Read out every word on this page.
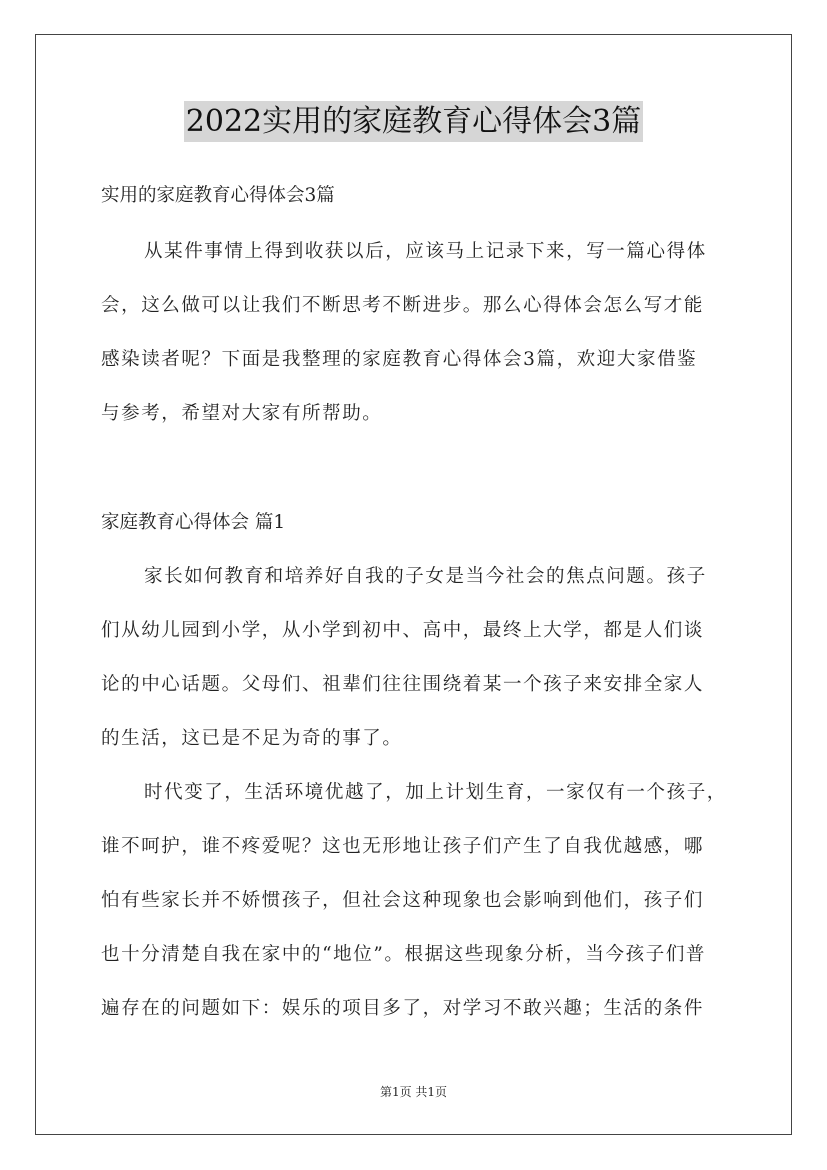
2022实用的家庭教育心得体会3篇
实用的家庭教育心得体会3篇
从某件事情上得到收获以后，应该马上记录下来，写一篇心得体
会，这么做可以让我们不断思考不断进步。那么心得体会怎么写才能
感染读者呢？下面是我整理的家庭教育心得体会3篇，欢迎大家借鉴
与参考，希望对大家有所帮助。
家庭教育心得体会 篇1
家长如何教育和培养好自我的子女是当今社会的焦点问题。孩子
们从幼儿园到小学，从小学到初中、高中，最终上大学，都是人们谈
论的中心话题。父母们、祖辈们往往围绕着某一个孩子来安排全家人
的生活，这已是不足为奇的事了。
时代变了，生活环境优越了，加上计划生育，一家仅有一个孩子，
谁不呵护，谁不疼爱呢？这也无形地让孩子们产生了自我优越感，哪
怕有些家长并不娇惯孩子，但社会这种现象也会影响到他们，孩子们
也十分清楚自我在家中的“地位”。根据这些现象分析，当今孩子们普
遍存在的问题如下：娱乐的项目多了，对学习不敢兴趣；生活的条件
第1页 共1页
